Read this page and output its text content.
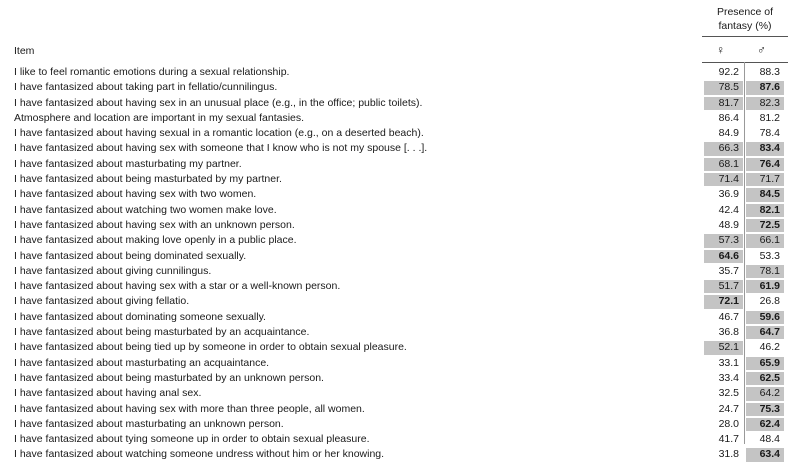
Presence of
fantasy (%)
Item	♀	♂
I like to feel romantic emotions during a sexual relationship.	92.2	88.3
I have fantasized about taking part in fellatio/cunnilingus.	78.5	87.6
I have fantasized about having sex in an unusual place (e.g., in the office; public toilets).	81.7	82.3
Atmosphere and location are important in my sexual fantasies.	86.4	81.2
I have fantasized about having sexual in a romantic location (e.g., on a deserted beach).	84.9	78.4
I have fantasized about having sex with someone that I know who is not my spouse [. . .].	66.3	83.4
I have fantasized about masturbating my partner.	68.1	76.4
I have fantasized about being masturbated by my partner.	71.4	71.7
I have fantasized about having sex with two women.	36.9	84.5
I have fantasized about watching two women make love.	42.4	82.1
I have fantasized about having sex with an unknown person.	48.9	72.5
I have fantasized about making love openly in a public place.	57.3	66.1
I have fantasized about being dominated sexually.	64.6	53.3
I have fantasized about giving cunnilingus.	35.7	78.1
I have fantasized about having sex with a star or a well-known person.	51.7	61.9
I have fantasized about giving fellatio.	72.1	26.8
I have fantasized about dominating someone sexually.	46.7	59.6
I have fantasized about being masturbated by an acquaintance.	36.8	64.7
I have fantasized about being tied up by someone in order to obtain sexual pleasure.	52.1	46.2
I have fantasized about masturbating an acquaintance.	33.1	65.9
I have fantasized about being masturbated by an unknown person.	33.4	62.5
I have fantasized about having anal sex.	32.5	64.2
I have fantasized about having sex with more than three people, all women.	24.7	75.3
I have fantasized about masturbating an unknown person.	28.0	62.4
I have fantasized about tying someone up in order to obtain sexual pleasure.	41.7	48.4
I have fantasized about watching someone undress without him or her knowing.	31.8	63.4
